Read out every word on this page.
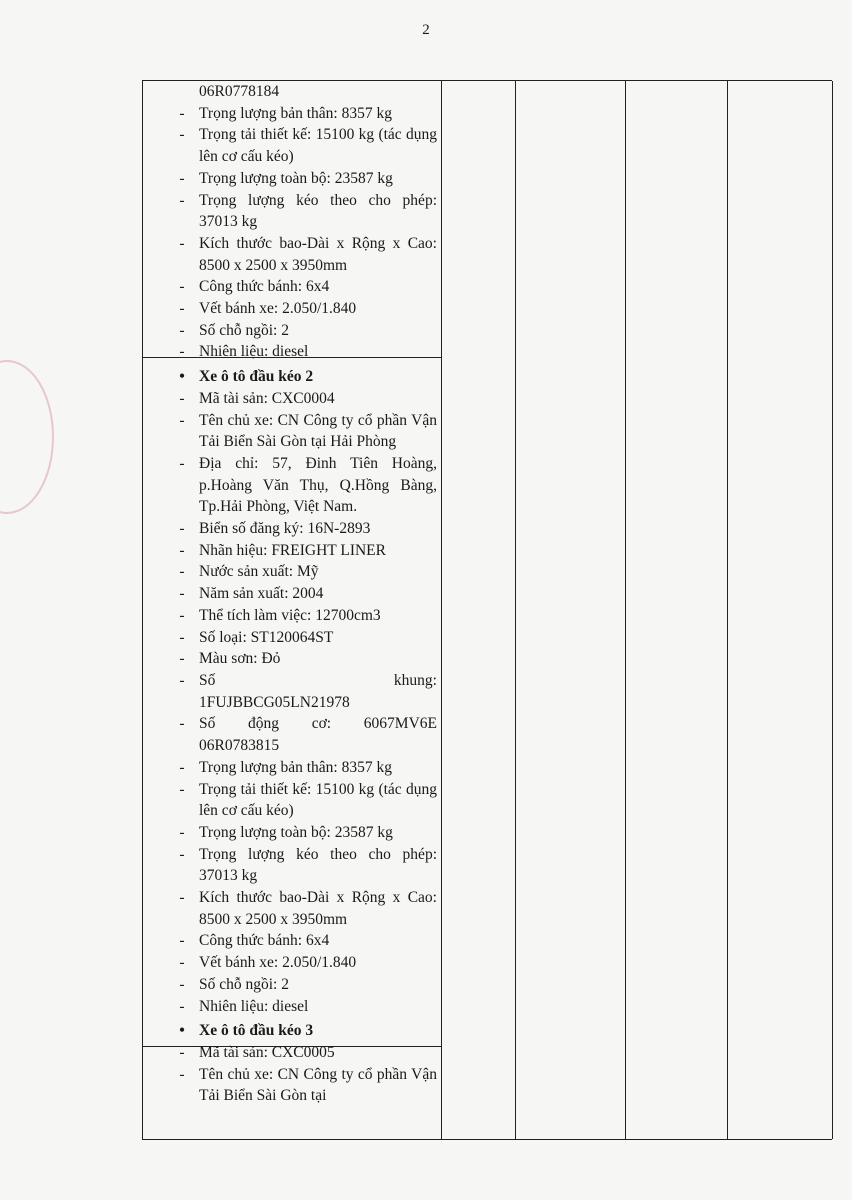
2
06R0778184
- Trọng lượng bản thân: 8357 kg
- Trọng tải thiết kế: 15100 kg (tác dụng lên cơ cấu kéo)
- Trọng lượng toàn bộ: 23587 kg
- Trọng lượng kéo theo cho phép: 37013 kg
- Kích thước bao-Dài x Rộng x Cao: 8500 x 2500 x 3950mm
- Công thức bánh: 6x4
- Vết bánh xe: 2.050/1.840
- Số chỗ ngồi: 2
- Nhiên liệu: diesel
• Xe ô tô đầu kéo 2
- Mã tài sản: CXC0004
- Tên chủ xe: CN Công ty cổ phần Vận Tải Biển Sài Gòn tại Hải Phòng
- Địa chỉ: 57, Đinh Tiên Hoàng, p.Hoàng Văn Thụ, Q.Hồng Bàng, Tp.Hải Phòng, Việt Nam.
- Biển số đăng ký: 16N-2893
- Nhãn hiệu: FREIGHT LINER
- Nước sản xuất: Mỹ
- Năm sản xuất: 2004
- Thể tích làm việc: 12700cm3
- Số loại: ST120064ST
- Màu sơn: Đỏ
- Số khung: 1FUJBBCG05LN21978
- Số động cơ: 6067MV6E 06R0783815
- Trọng lượng bản thân: 8357 kg
- Trọng tải thiết kế: 15100 kg (tác dụng lên cơ cấu kéo)
- Trọng lượng toàn bộ: 23587 kg
- Trọng lượng kéo theo cho phép: 37013 kg
- Kích thước bao-Dài x Rộng x Cao: 8500 x 2500 x 3950mm
- Công thức bánh: 6x4
- Vết bánh xe: 2.050/1.840
- Số chỗ ngồi: 2
- Nhiên liệu: diesel
• Xe ô tô đầu kéo 3
- Mã tài sản: CXC0005
- Tên chủ xe: CN Công ty cổ phần Vận Tải Biển Sài Gòn tại
